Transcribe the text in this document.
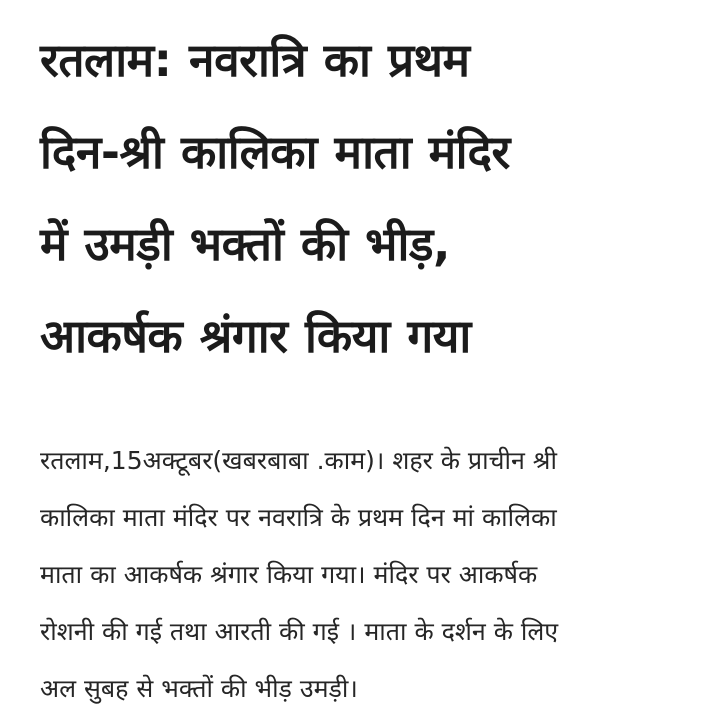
रतलाम: नवरात्रि का प्रथम
दिन-श्री कालिका माता मंदिर
में उमड़ी भक्तों की भीड़,
आकर्षक श्रंगार किया गया

रतलाम,15अक्टूबर(खबरबाबा .काम)। शहर के प्राचीन श्री
कालिका माता मंदिर पर नवरात्रि के प्रथम दिन मां कालिका
माता का आकर्षक श्रंगार किया गया। मंदिर पर आकर्षक
रोशनी की गई तथा आरती की गई । माता के दर्शन के लिए
अल सुबह से भक्तों की भीड़ उमड़ी।
